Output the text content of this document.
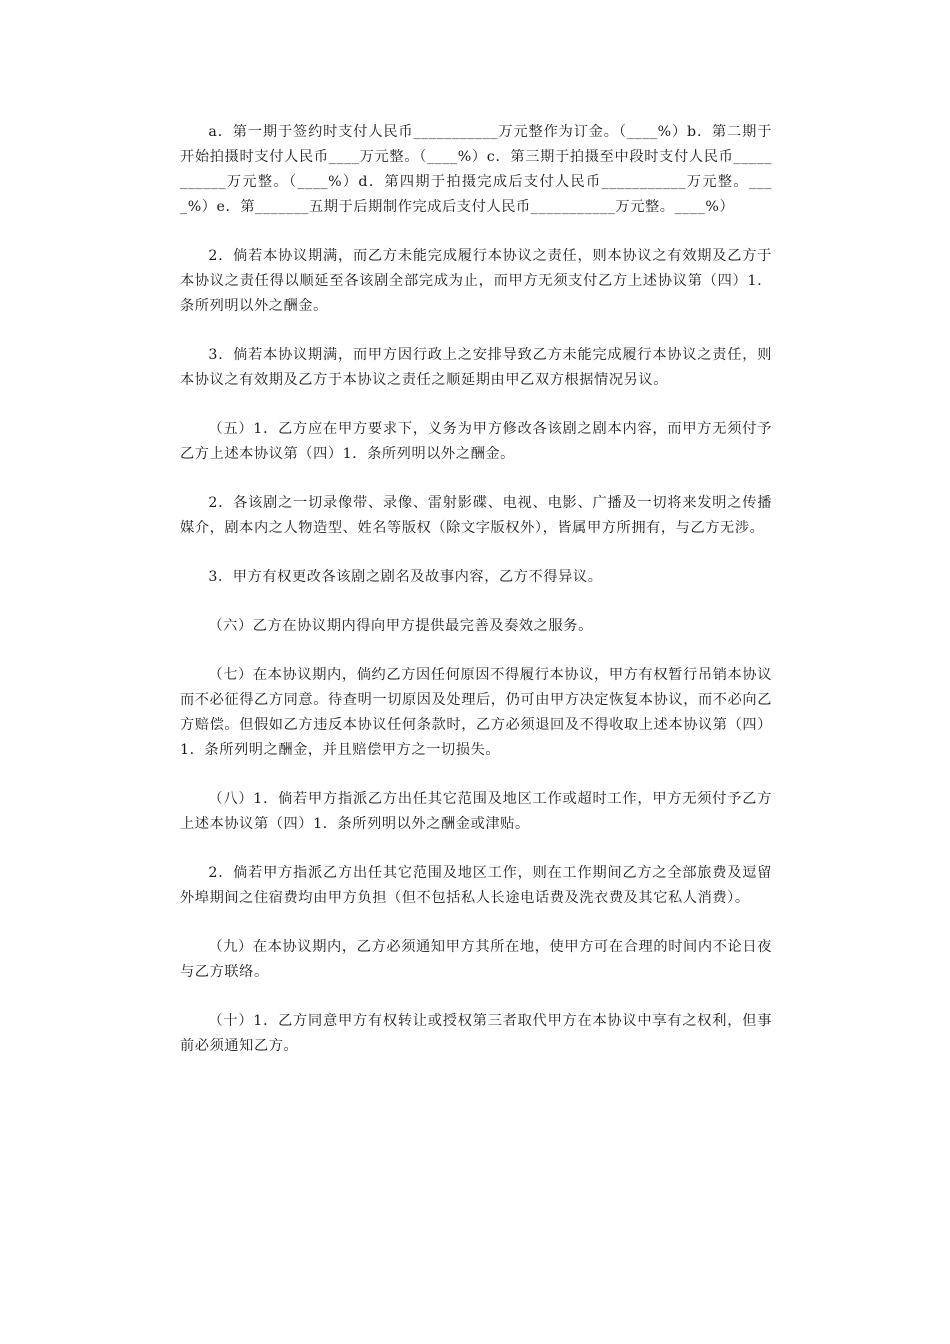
a．第一期于签约时支付人民币___________万元整作为订金。（____%）b．第二期于开始拍摄时支付人民币____万元整。（____%）c．第三期于拍摄至中段时支付人民币___________万元整。（____%）d．第四期于拍摄完成后支付人民币___________万元整。____%）e．第_______五期于后期制作完成后支付人民币___________万元整。____%）

2．倘若本协议期满，而乙方未能完成履行本协议之责任，则本协议之有效期及乙方于本协议之责任得以顺延至各该剧全部完成为止，而甲方无须支付乙方上述协议第（四）1．条所列明以外之酬金。

3．倘若本协议期满，而甲方因行政上之安排导致乙方未能完成履行本协议之责任，则本协议之有效期及乙方于本协议之责任之顺延期由甲乙双方根据情况另议。

（五）1．乙方应在甲方要求下，义务为甲方修改各该剧之剧本内容，而甲方无须付予乙方上述本协议第（四）1．条所列明以外之酬金。

2．各该剧之一切录像带、录像、雷射影碟、电视、电影、广播及一切将来发明之传播媒介，剧本内之人物造型、姓名等版权（除文字版权外），皆属甲方所拥有，与乙方无涉。

3．甲方有权更改各该剧之剧名及故事内容，乙方不得异议。

（六）乙方在协议期内得向甲方提供最完善及奏效之服务。

（七）在本协议期内，倘约乙方因任何原因不得履行本协议，甲方有权暂行吊销本协议而不必征得乙方同意。待查明一切原因及处理后，仍可由甲方决定恢复本协议，而不必向乙方赔偿。但假如乙方违反本协议任何条款时，乙方必须退回及不得收取上述本协议第（四）1．条所列明之酬金，并且赔偿甲方之一切损失。

（八）1．倘若甲方指派乙方出任其它范围及地区工作或超时工作，甲方无须付予乙方上述本协议第（四）1．条所列明以外之酬金或津贴。

2．倘若甲方指派乙方出任其它范围及地区工作，则在工作期间乙方之全部旅费及逗留外埠期间之住宿费均由甲方负担（但不包括私人长途电话费及洗衣费及其它私人消费）。

（九）在本协议期内，乙方必须通知甲方其所在地，使甲方可在合理的时间内不论日夜与乙方联络。

（十）1．乙方同意甲方有权转让或授权第三者取代甲方在本协议中享有之权利，但事前必须通知乙方。
